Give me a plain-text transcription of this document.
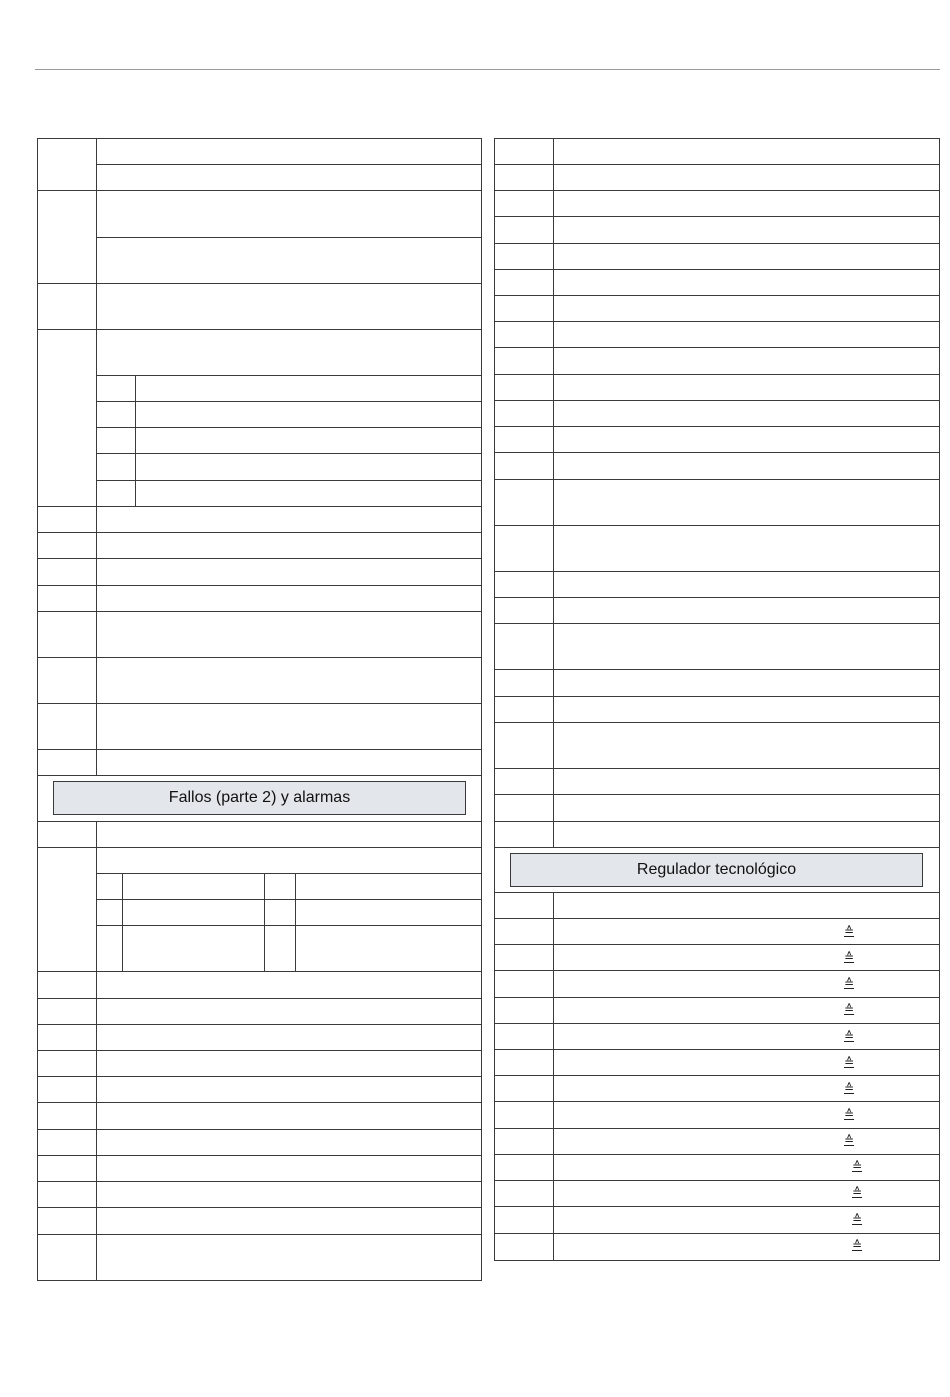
Fallos (parte 2) y alarmas
Regulador tecnológico
≙
≙
≙
≙
≙
≙
≙
≙
≙
≙
≙
≙
≙
